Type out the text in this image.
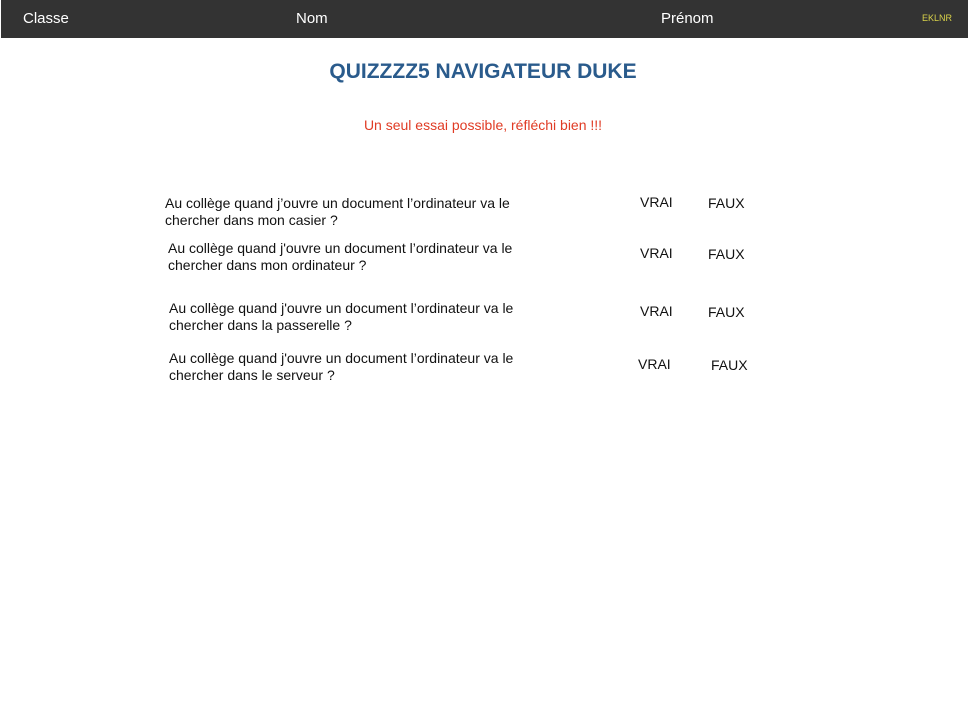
Classe	Nom	Prénom	EKLNR
QUIZZZZ5 NAVIGATEUR DUKE
Un seul essai possible, réfléchi bien !!!
Au collège quand j’ouvre un document l’ordinateur va le chercher dans mon casier ?
VRAI	FAUX
Au collège quand j'ouvre un document l’ordinateur va le chercher dans mon ordinateur ?
VRAI	FAUX
Au collège quand j'ouvre un document l’ordinateur va le chercher dans la passerelle ?
VRAI	FAUX
Au collège quand j'ouvre un document l’ordinateur va le chercher dans le serveur ?
VRAI	FAUX
